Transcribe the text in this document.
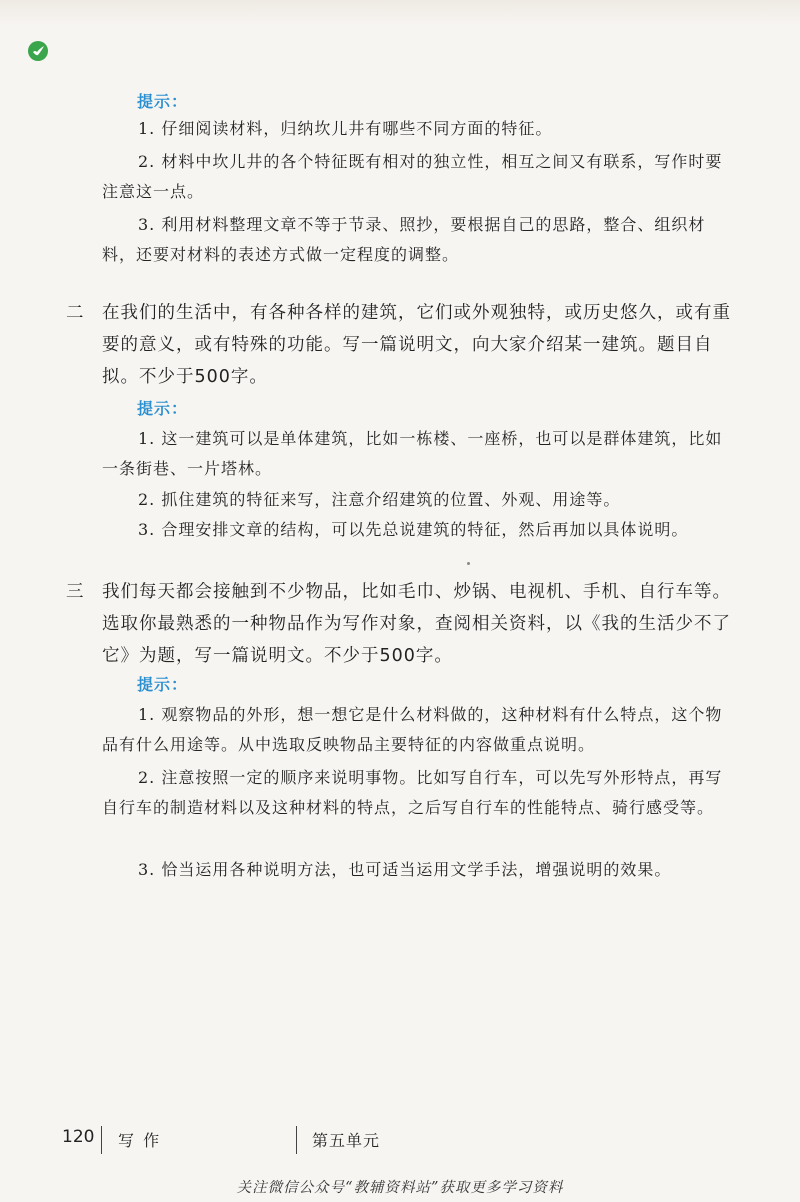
提示：

1. 仔细阅读材料，归纳坎儿井有哪些不同方面的特征。

2. 材料中坎儿井的各个特征既有相对的独立性，相互之间又有联系，写作时要注意这一点。

3. 利用材料整理文章不等于节录、照抄，要根据自己的思路，整合、组织材料，还要对材料的表述方式做一定程度的调整。

二 在我们的生活中，有各种各样的建筑，它们或外观独特，或历史悠久，或有重要的意义，或有特殊的功能。写一篇说明文，向大家介绍某一建筑。题目自拟。不少于500字。

提示：

1. 这一建筑可以是单体建筑，比如一栋楼、一座桥，也可以是群体建筑，比如一条街巷、一片塔林。

2. 抓住建筑的特征来写，注意介绍建筑的位置、外观、用途等。

3. 合理安排文章的结构，可以先总说建筑的特征，然后再加以具体说明。

三 我们每天都会接触到不少物品，比如毛巾、炒锅、电视机、手机、自行车等。选取你最熟悉的一种物品作为写作对象，查阅相关资料，以《我的生活少不了它》为题，写一篇说明文。不少于500字。

提示：

1. 观察物品的外形，想一想它是什么材料做的，这种材料有什么特点，这个物品有什么用途等。从中选取反映物品主要特征的内容做重点说明。

2. 注意按照一定的顺序来说明事物。比如写自行车，可以先写外形特点，再写自行车的制造材料以及这种材料的特点，之后写自行车的性能特点、骑行感受等。

3. 恰当运用各种说明方法，也可适当运用文学手法，增强说明的效果。

120 写 作	第五单元
关注微信公众号“教辅资料站”获取更多学习资料
